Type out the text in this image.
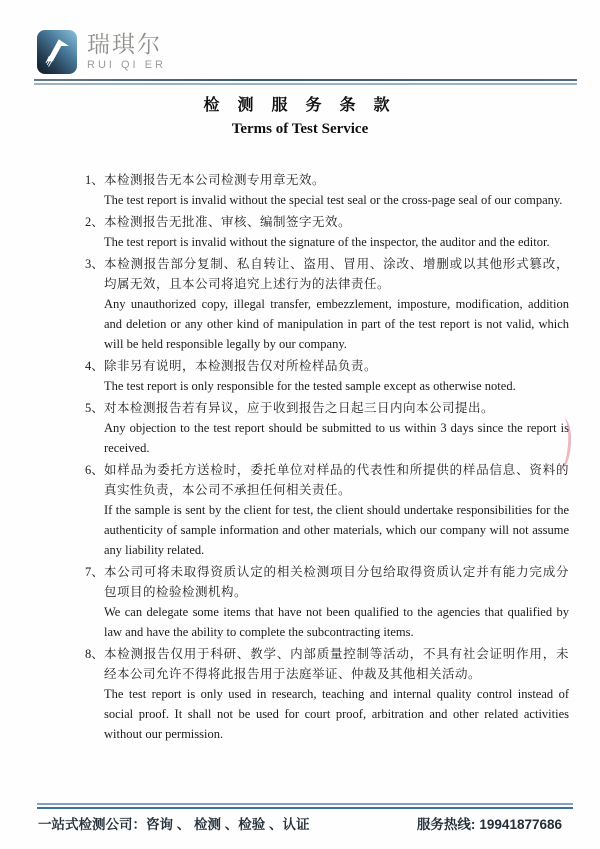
瑞琪尔
RUI QI ER
检 测 服 务 条 款
Terms of Test Service
1、 本检测报告无本公司检测专用章无效。
The test report is invalid without the special test seal or the cross-page seal of our company.
2、 本检测报告无批准、审核、编制签字无效。
The test report is invalid without the signature of the inspector, the auditor and the editor.
3、 本检测报告部分复制、私自转让、盗用、冒用、涂改、增删或以其他形式篡改，均属无效，且本公司将追究上述行为的法律责任。
Any unauthorized copy, illegal transfer, embezzlement, imposture, modification, addition and deletion or any other kind of manipulation in part of the test report is not valid, which will be held responsible legally by our company.
4、 除非另有说明，本检测报告仅对所检样品负责。
The test report is only responsible for the tested sample except as otherwise noted.
5、 对本检测报告若有异议，应于收到报告之日起三日内向本公司提出。
Any objection to the test report should be submitted to us within 3 days since the report is received.
6、 如样品为委托方送检时，委托单位对样品的代表性和所提供的样品信息、资料的真实性负责，本公司不承担任何相关责任。
If the sample is sent by the client for test, the client should undertake responsibilities for the authenticity of sample information and other materials, which our company will not assume any liability related.
7、 本公司可将未取得资质认定的相关检测项目分包给取得资质认定并有能力完成分包项目的检验检测机构。
We can delegate some items that have not been qualified to the agencies that qualified by law and have the ability to complete the subcontracting items.
8、 本检测报告仅用于科研、教学、内部质量控制等活动，不具有社会证明作用，未经本公司允许不得将此报告用于法庭举证、仲裁及其他相关活动。
The test report is only used in research, teaching and internal quality control instead of social proof. It shall not be used for court proof, arbitration and other related activities without our permission.
一站式检测公司：咨询 、 检测 、检验 、认证	服务热线: 19941877686
